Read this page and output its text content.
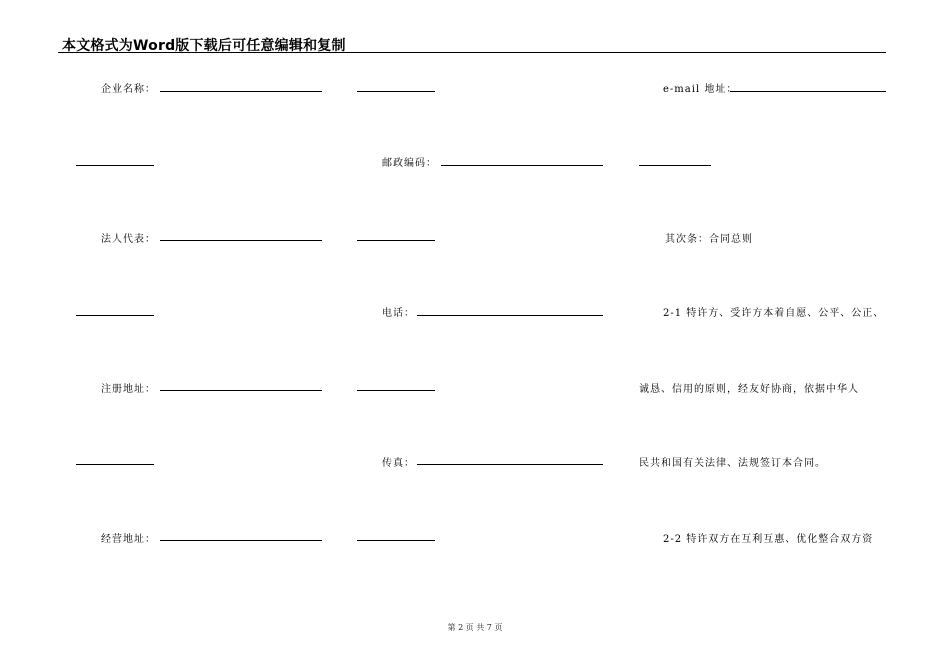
本文格式为Word版下载后可任意编辑和复制
企业名称：	e-mail 地址：
邮政编码：
法人代表：	其次条：合同总则
电话：	2-1 特许方、受许方本着自愿、公平、公正、
注册地址：	诚恳、信用的原则，经友好协商，依据中华人
传真：	民共和国有关法律、法规签订本合同。
经营地址：	2-2 特许双方在互利互惠、优化整合双方资
第 2 页 共 7 页
